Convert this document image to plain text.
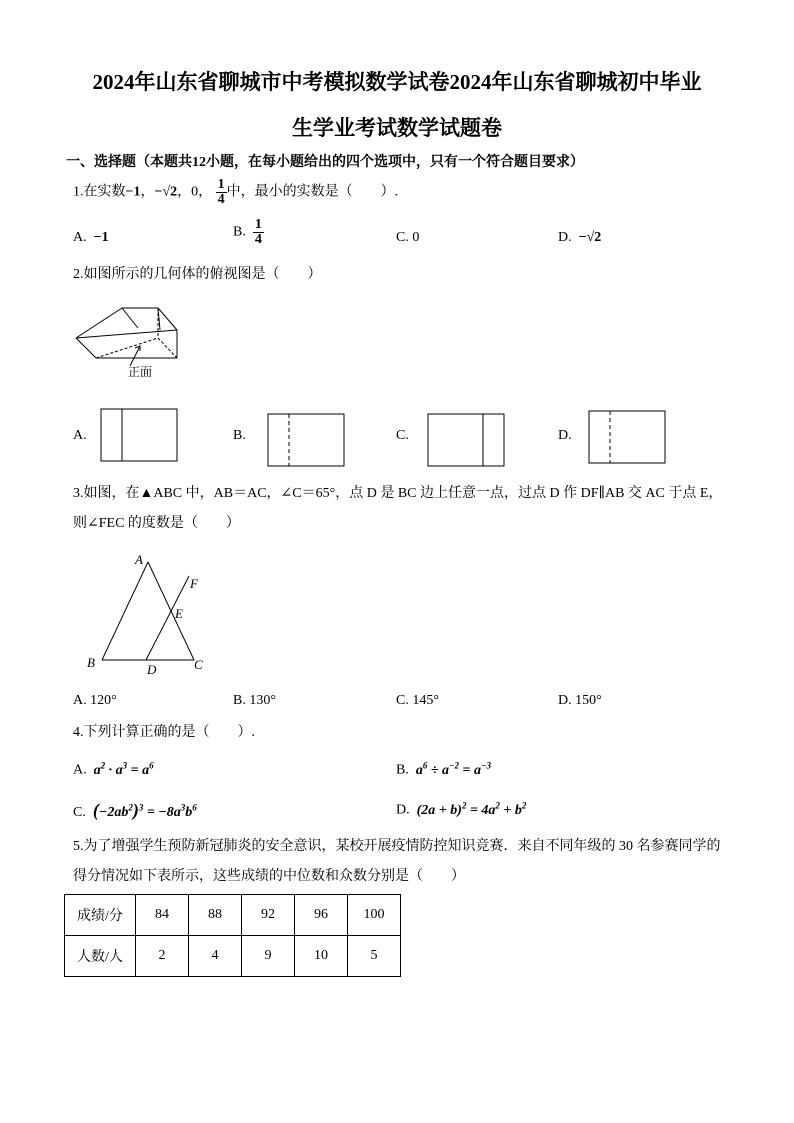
2024年山东省聊城市中考模拟数学试卷2024年山东省聊城初中毕业
生学业考试数学试题卷
一、选择题（本题共12小题，在每小题给出的四个选项中，只有一个符合题目要求）
1.在实数−1，−√2，0， $\frac{1}{4}$ 中，最小的实数是（　　）.
A. −1	B. $\frac{1}{4}$	C. 0	D. −√2
2.如图所示的几何体的俯视图是（　　）
正面
A.	B.	C.	D.
3.如图，在▲ABC 中，AB＝AC，∠C＝65°，点 D 是 BC 边上任意一点，过点 D 作 DF∥AB 交 AC 于点 E，
则∠FEC 的度数是（　　）
A
B	C
D
E
F
A. 120°	B. 130°	C. 145°	D. 150°
4.下列计算正确的是（　　）.
A. $a^2 \cdot a^3 = a^6$	B. $a^6 \div a^{-2} = a^{-3}$
C. $(-2ab^2)^3 = -8a^3b^6$	D. $(2a + b)^2 = 4a^2 + b^2$
5.为了增强学生预防新冠肺炎的安全意识，某校开展疫情防控知识竞赛．来自不同年级的 30 名参赛同学的
得分情况如下表所示，这些成绩的中位数和众数分别是（　　）
成绩/分	84	88	92	96	100
人数/人	2	4	9	10	5
